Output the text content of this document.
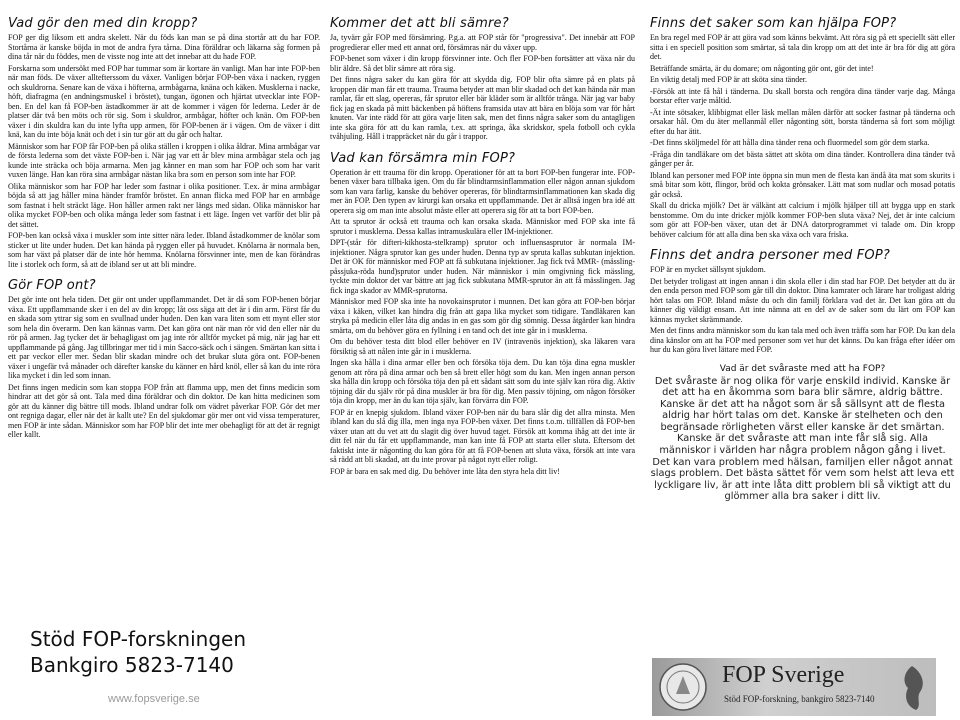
Vad gör den med din kropp?

FOP ger dig liksom ett andra skelett. När du föds kan man se på dina stortår att du har FOP. Stortårna är kanske böjda in mot de andra fyra tårna. Dina föräldrar och läkarna såg formen på dina tår när du föddes, men de visste nog inte att det innebar att du hade FOP.

Forskarna som undersökt med FOP har tummar som är kortare än vanligt. Man har inte FOP-ben när man föds. De växer alltefterssom du växer. Vanligen börjar FOP-ben växa i nacken, ryggen och skuldrorna. Senare kan de växa i höfterna, armbågarna, knäna och käken. Musklerna i nacke, höft, diafragma (en andningsmuskel i bröstet), tungan, ögonen och hjärtat utvecklar inte FOP-ben. En del kan få FOP-ben ästadkommer är att de kommer i vägen för lederna. Leder är de platser där två ben möts och rör sig. Som i skuldror, armbågar, höfter och knän. Om FOP-ben växer i din skuldra kan du inte lyfta upp armen, för FOP-benen är i vägen. Om de växer i ditt knä, kan du inte böja knät och det i sin tur gör att du går och haltar.

Människor som har FOP får FOP-ben på olika ställen i kroppen i olika åldrar. Mina armbågar var de första lederna som det växte FOP-ben i. När jag var ett år blev mina armbågar stela och jag kunde inte sträcka och böja armarna. Men jag känner en man som har FOP och som har varit vuxen länge. Han kan röra sina armbågar nästan lika bra som en person som inte har FOP.

Olika människor som har FOP har leder som fastnar i olika positioner. T.ex. är mina armbågar böjda så att jag håller mina händer framför bröstet. En annan flicka med FOP har en armbåge som fastnat i helt sträckt läge. Hon håller armen rakt ner längs med sidan. Olika människor har olika mycket FOP-ben och olika många leder som fastnat i ett läge. Ingen vet varför det blir på det sättet.

FOP-ben kan också växa i muskler som inte sitter nära leder. Ibland åstadkommer de knölar som sticker ut lite under huden. Det kan hända på ryggen eller på huvudet. Knölarna är normala ben, som har växt på platser där de inte hör hemma. Knölarna försvinner inte, men de kan förändras lite i storlek och form, så att de ibland ser ut att bli mindre.

Gör FOP ont?

Det gör inte ont hela tiden. Det gör ont under uppflammandet. Det är då som FOP-benen börjar växa. Ett uppflammande sker i en del av din kropp; låt oss säga att det är i din arm. Först får du en skada som yttrar sig som en svullnad under huden. Den kan vara liten som ett mynt eller stor som hela din överarm. Den kan kännas varm. Det kan göra ont när man rör vid den eller när du rör på armen. Jag tycker det är behagligast om jag inte rör alltför mycket på mig, när jag har ett uppflammande på gång. Jag tillbringar mer tid i min Sacco-säck och i sängen. Smärtan kan sitta i ett par veckor eller mer. Sedan blir skadan mindre och det brukar sluta göra ont. FOP-benen växer i ungefär två månader och därefter kanske du känner en hård knöl, eller så kan du inte röra lika mycket i din led som innan.

Det finns ingen medicin som kan stoppa FOP från att flamma upp, men det finns medicin som hindrar att det gör så ont. Tala med dina föräldrar och din doktor. De kan hitta medicinen som gör att du känner dig bättre till mods. Ibland undrar folk om vädret påverkar FOP. Gör det mer ont regniga dagar, eller när det är kallt ute? En del sjukdomar gör mer ont vid vissa temperaturer, men FOP är inte sådan. Människor som har FOP blir det inte mer obehagligt för att det är regnigt eller kallt.

Kommer det att bli sämre?

Ja, tyvärr går FOP med försämring. P.g.a. att FOP står för "progressiva". Det innebär att FOP progredierar eller med ett annat ord, försämras när du växer upp.

FOP-benet som växer i din kropp försvinner inte. Och fler FOP-ben fortsätter att växa när du blir äldre. Så det blir sämre att röra sig.

Det finns några saker du kan göra för att skydda dig. FOP blir ofta sämre på en plats på kroppen där man får ett trauma. Trauma betyder att man blir skadad och det kan hända när man ramlar, får ett slag, opereras, får sprutor eller bär kläder som är alltför trånga. När jag var baby fick jag en skada på mitt bäckenben på höftens framsida utav att bära en blöja som var för hårt knuten. Var inte rädd för att göra varje liten sak, men det finns några saker som du antagligen inte ska göra för att du kan ramla, t.ex. att springa, åka skridskor, spela fotboll och cykla tvåhjuling. Håll i trappräcket när du går i trappor.

Vad kan försämra min FOP?

Operation är ett trauma för din kropp. Operationer för att ta bort FOP-ben fungerar inte. FOP-benen växer bara tillbaka igen. Om du får blindtarmsinflammation eller någon annan sjukdom som kan vara farlig, kanske du behöver opereras, för blindtarmsinflammationen kan skada dig mer än FOP. Den typen av kirurgi kan orsaka ett uppflammande. Det är alltså ingen bra idé att operera sig om man inte absolut måste eller att operera sig för att ta bort FOP-ben.

Att ta sprutor är också ett trauma och kan orsaka skada. Människor med FOP ska inte få sprutor i musklerna. Dessa kallas intramuskulära eller IM-injektioner.

DPT-(står för difteri-kikhosta-stelkramp) sprutor och influensasprutor är normala IM-injektioner. Några sprutor kan ges under huden. Denna typ av spruta kallas subkutan injektion. Det är OK för människor med FOP att få subkutana injektioner. Jag fick två MMR- (mässling-påssjuka-röda hund)sprutor under huden. När människor i min omgivning fick mässling, tyckte min doktor det var bättre att jag fick subkutana MMR-sprutor än att få mässlingen. Jag fick inga skador av MMR-sprutorna.

Människor med FOP ska inte ha novokainsprutor i munnen. Det kan göra att FOP-ben börjar växa i käken, vilket kan hindra dig från att gapa lika mycket som tidigare. Tandläkaren kan stryka på medicin eller låta dig andas in en gas som gör dig sömnig. Dessa åtgärder kan hindra smärta, om du behöver göra en fyllning i en tand och det inte går in i musklerna.

Om du behöver testa ditt blod eller behöver en IV (intravenös injektion), ska läkaren vara försiktig så att nålen inte går in i musklerna.

Ingen ska hålla i dina armar eller ben och försöka töja dem. Du kan töja dina egna muskler genom att röra på dina armar och ben så brett eller högt som du kan. Men ingen annan person ska hålla din kropp och försöka töja den på ett sådant sätt som du inte själv kan röra dig. Aktiv töjning där du själv rör på dina muskler är bra för dig. Men passiv töjning, om någon försöker töja din kropp, mer än du kan töja själv, kan förvärra din FOP.

FOP är en knepig sjukdom. Ibland växer FOP-ben när du bara slår dig det allra minsta. Men ibland kan du slå dig illa, men inga nya FOP-ben växer. Det finns t.o.m. tillfällen då FOP-ben växer utan att du vet att du slagit dig över huvud taget. Försök att komma ihåg att det inte är ditt fel när du får ett uppflammande, man kan inte få FOP att starta eller sluta. Eftersom det faktiskt inte är någonting du kan göra för att få FOP-benen att sluta växa, försök att inte vara så rädd att bli skadad, att du inte provar på något nytt eller roligt.

FOP är bara en sak med dig. Du behöver inte låta den styra hela ditt liv!

Finns det saker som kan hjälpa FOP?

En bra regel med FOP är att göra vad som känns bekvämt. Att röra sig på ett speciellt sätt eller sitta i en speciell position som smärtar, så tala din kropp om att det inte är bra för dig att göra det.

Beträffande smärta, är du domare; om någonting gör ont, gör det inte!

En viktig detalj med FOP är att sköta sina tänder.

-Försök att inte få hål i tänderna. Du skall borsta och rengöra dina tänder varje dag. Många borstar efter varje måltid.

-Ät inte sötsaker, klibbigmat eller läsk mellan målen därför att socker fastnar på tänderna och orsakar hål. Om du äter mellanmål eller någonting sött, borsta tänderna så fort som möjligt efter du har ätit.

-Det finns sköljmedel för att hålla dina tänder rena och fluormedel som gör dem starka.

-Fråga din tandläkare om det bästa sättet att sköta om dina tänder. Kontrollera dina tänder två gånger per år.

Ibland kan personer med FOP inte öppna sin mun men de flesta kan ändå äta mat som skurits i små bitar som kött, flingor, bröd och kokta grönsaker. Lätt mat som nudlar och mosad potatis går också.

Skall du dricka mjölk? Det är välkänt att calcium i mjölk hjälper till att bygga upp en stark benstomme. Om du inte dricker mjölk kommer FOP-ben sluta växa? Nej, det är inte calcium som gör att FOP-ben växer, utan det är DNA datorprogrammet vi talade om. Din kropp behöver calcium för att alla dina ben ska växa och vara friska.

Finns det andra personer med FOP?

FOP är en mycket sällsynt sjukdom.

Det betyder troligast att ingen annan i din skola eller i din stad har FOP. Det betyder att du är den enda person med FOP som går till din doktor. Dina kamrater och lärare har troligast aldrig hört talas om FOP. Ibland måste du och din familj förklara vad det är. Det kan göra att du känner dig väldigt ensam. Att inte nämna att en del av de saker som du lärt om FOP kan kännas mycket skrämmande.

Men det finns andra människor som du kan tala med och även träffa som har FOP. Du kan dela dina känslor om att ha FOP med personer som vet hur det känns. Du kan fråga efter idéer om hur du kan göra livet lättare med FOP.

Vad är det svåraste med att ha FOP?
Det svåraste är nog olika för varje enskild individ. Kanske är det att ha en åkomma som bara blir sämre, aldrig bättre. Kanske är det att ha något som är så sällsynt att de flesta aldrig har hört talas om det. Kanske är stelheten och den begränsade rörligheten värst eller kanske är det smärtan. Kanske är det svåraste att man inte får slå sig. Alla människor i världen har några problem någon gång i livet. Det kan vara problem med hälsan, familjen eller något annat slags problem. Det bästa sättet för vem som helst att leva ett lyckligare liv, är att inte låta ditt problem bli så viktigt att du glömmer alla bra saker i ditt liv.
Stöd FOP-forskningen
Bankgiro 5823-7140
www.fopsverige.se
FOP Sverige
Stöd FOP-forskning, bankgiro 5823-7140
